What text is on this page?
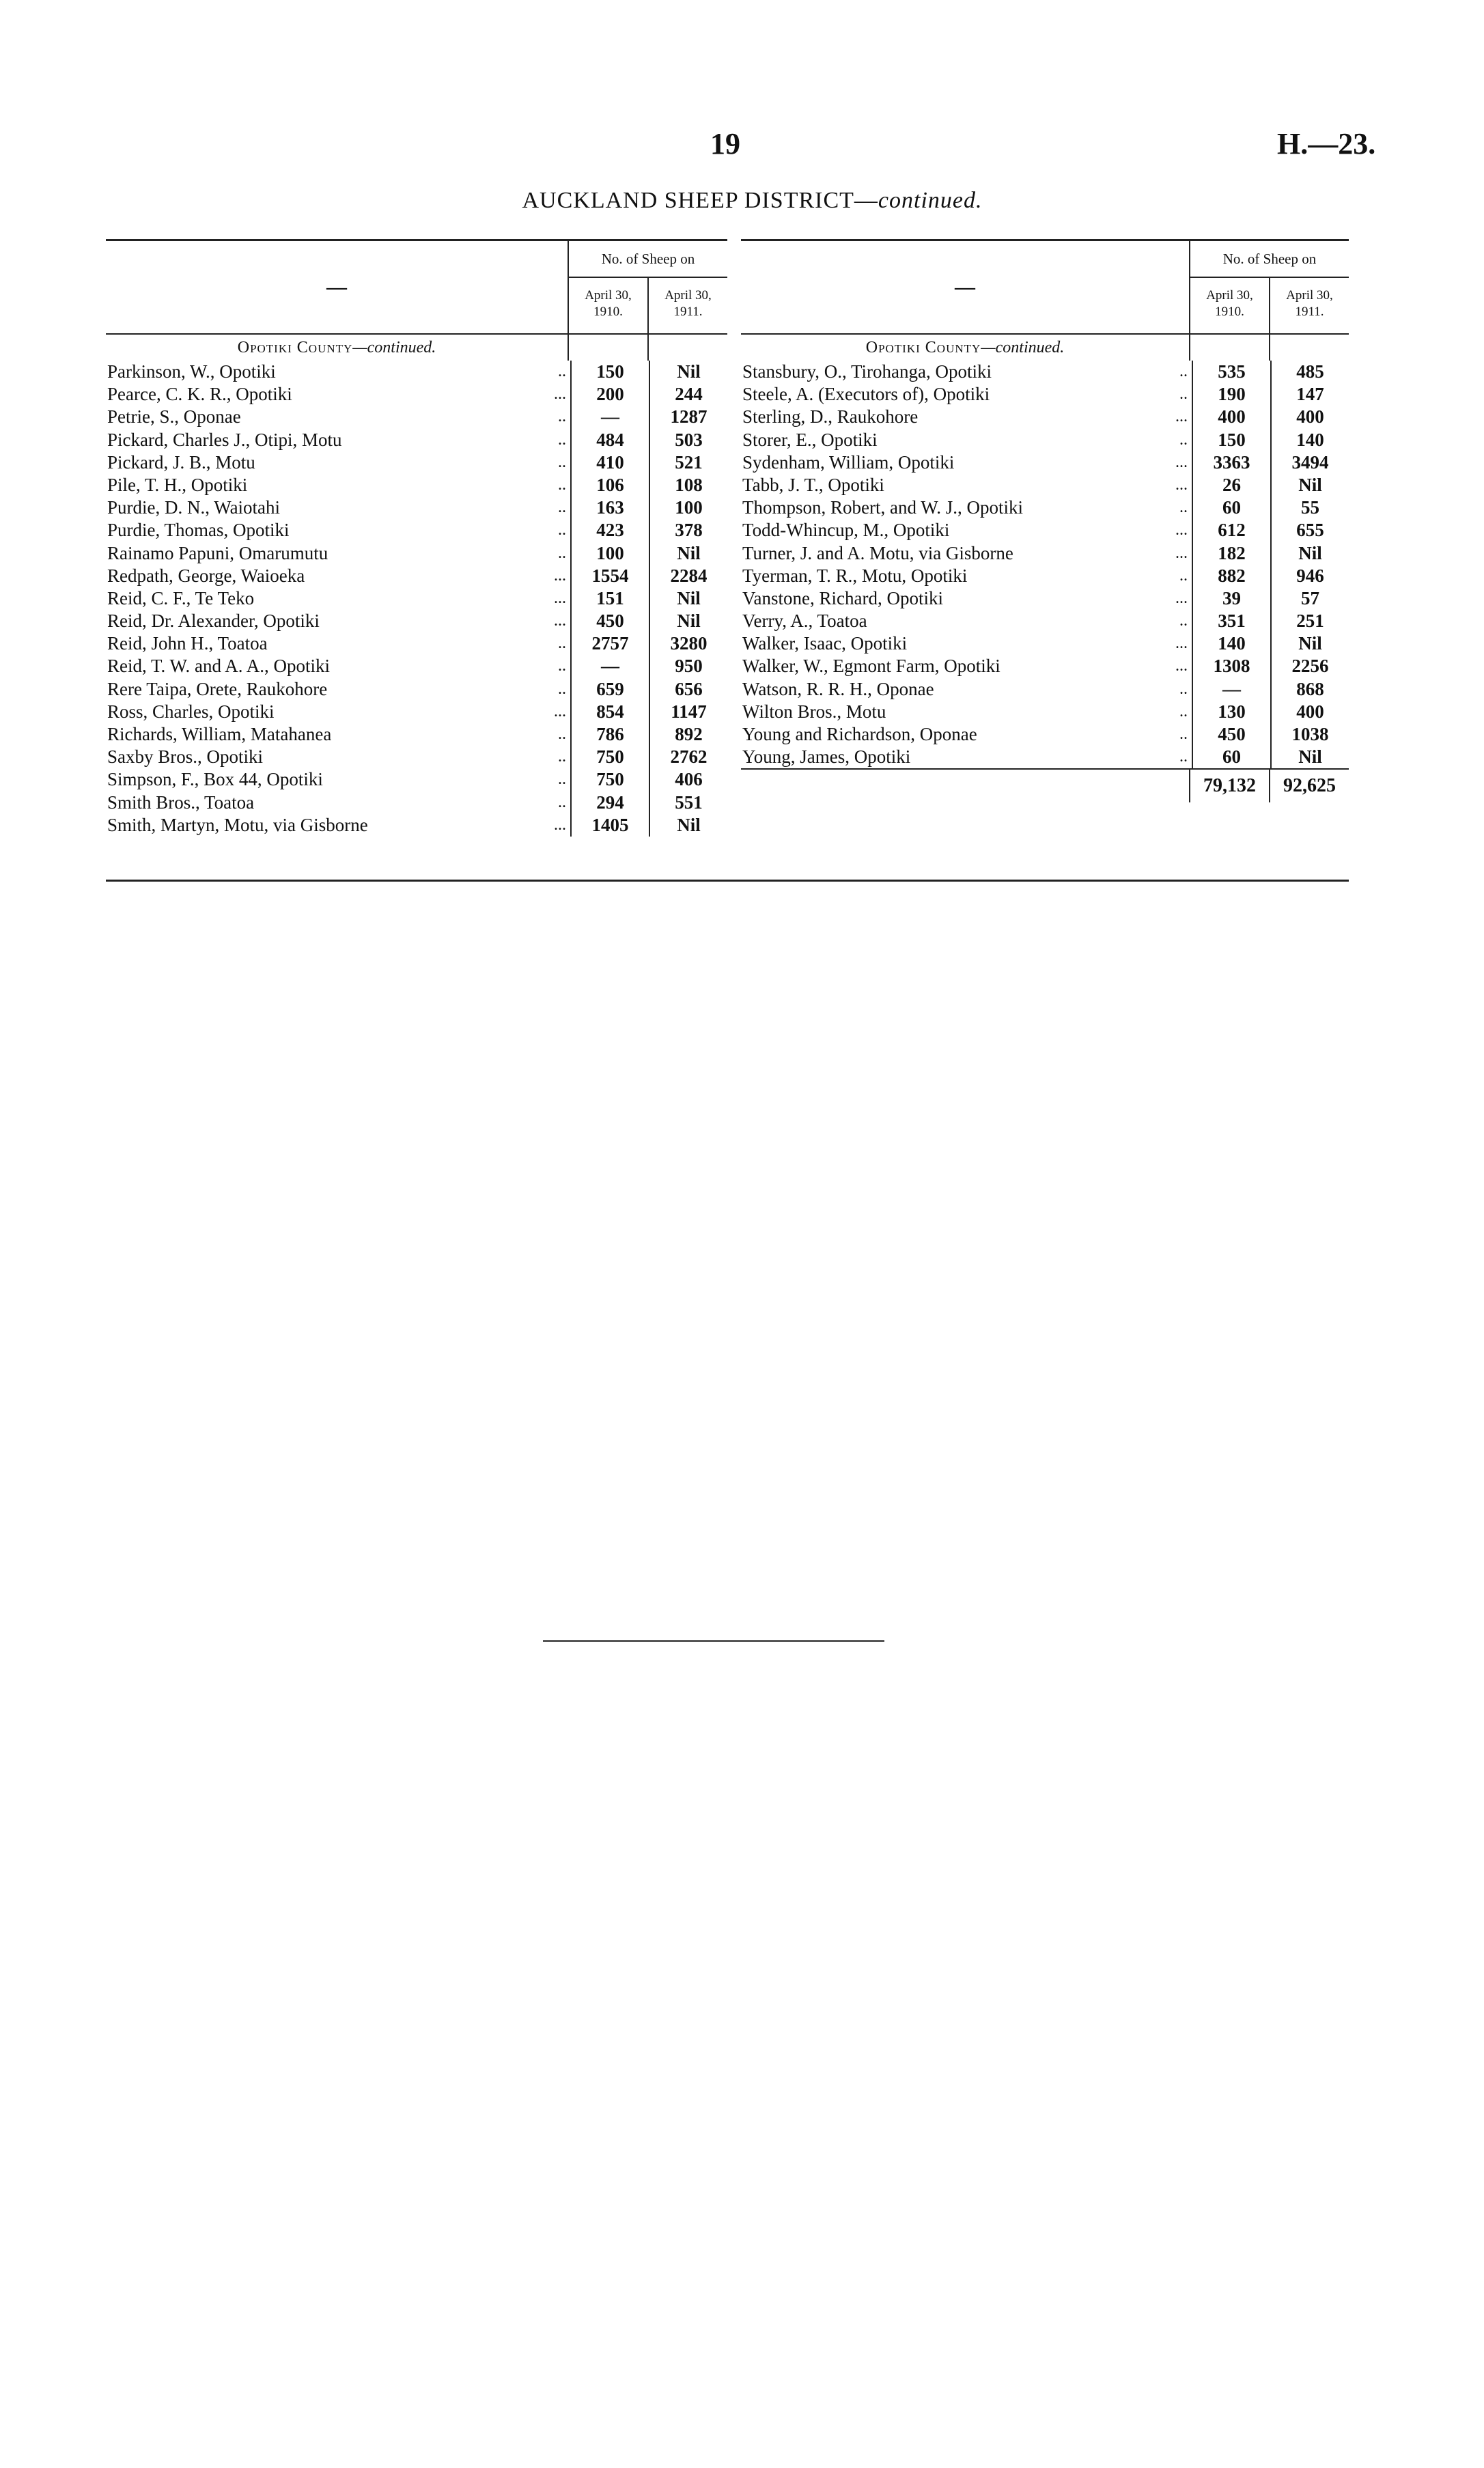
19	H.—23.
AUCKLAND SHEEP DISTRICT—continued.
—
No. of Sheep on
April 30, 1910.
April 30, 1911.
Opotiki County—continued.
Parkinson, W., Opotiki	..	150	Nil
Pearce, C. K. R., Opotiki	...	200	244
Petrie, S., Oponae	..	—	1287
Pickard, Charles J., Otipi, Motu	..	484	503
Pickard, J. B., Motu	..	410	521
Pile, T. H., Opotiki	..	106	108
Purdie, D. N., Waiotahi	..	163	100
Purdie, Thomas, Opotiki	..	423	378
Rainamo Papuni, Omarumutu	..	100	Nil
Redpath, George, Waioeka	...	1554	2284
Reid, C. F., Te Teko	...	151	Nil
Reid, Dr. Alexander, Opotiki	...	450	Nil
Reid, John H., Toatoa	..	2757	3280
Reid, T. W. and A. A., Opotiki	..	—	950
Rere Taipa, Orete, Raukohore	..	659	656
Ross, Charles, Opotiki	...	854	1147
Richards, William, Matahanea	..	786	892
Saxby Bros., Opotiki	..	750	2762
Simpson, F., Box 44, Opotiki	..	750	406
Smith Bros., Toatoa	..	294	551
Smith, Martyn, Motu, via Gisborne	...	1405	Nil
—
No. of Sheep on
April 30, 1910.
April 30, 1911.
Opotiki County—continued.
Stansbury, O., Tirohanga, Opotiki	..	535	485
Steele, A. (Executors of), Opotiki	..	190	147
Sterling, D., Raukohore	...	400	400
Storer, E., Opotiki	..	150	140
Sydenham, William, Opotiki	...	3363	3494
Tabb, J. T., Opotiki	...	26	Nil
Thompson, Robert, and W. J., Opotiki	..	60	55
Todd-Whincup, M., Opotiki	...	612	655
Turner, J. and A. Motu, via Gisborne	...	182	Nil
Tyerman, T. R., Motu, Opotiki	..	882	946
Vanstone, Richard, Opotiki	...	39	57
Verry, A., Toatoa	..	351	251
Walker, Isaac, Opotiki	...	140	Nil
Walker, W., Egmont Farm, Opotiki	...	1308	2256
Watson, R. R. H., Oponae	..	—	868
Wilton Bros., Motu	..	130	400
Young and Richardson, Oponae	..	450	1038
Young, James, Opotiki	..	60	Nil
79,132	92,625
